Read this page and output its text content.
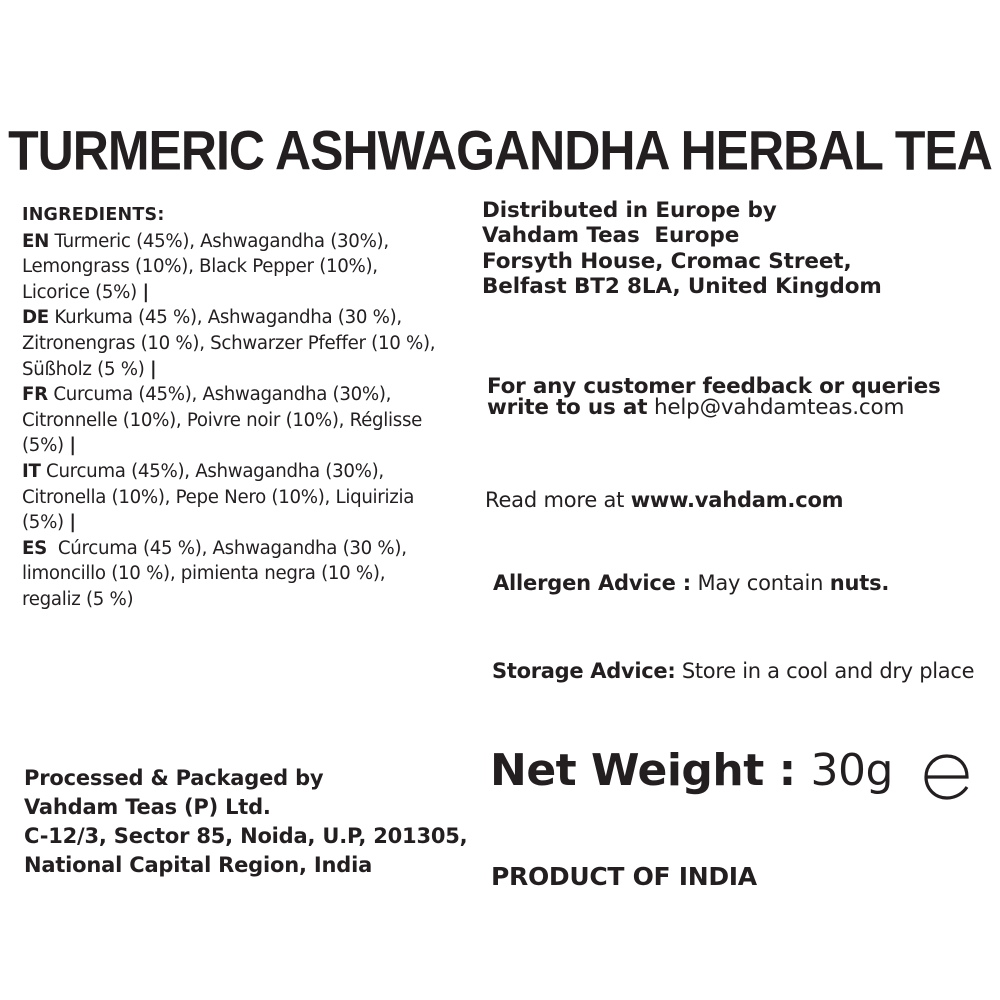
TURMERIC ASHWAGANDHA HERBAL TEA
INGREDIENTS:
EN Turmeric (45%), Ashwagandha (30%),
Lemongrass (10%), Black Pepper (10%),
Licorice (5%) |
DE Kurkuma (45 %), Ashwagandha (30 %),
Zitronengras (10 %), Schwarzer Pfeffer (10 %),
Süßholz (5 %) |
FR Curcuma (45%), Ashwagandha (30%),
Citronnelle (10%), Poivre noir (10%), Réglisse
(5%) |
IT Curcuma (45%), Ashwagandha (30%),
Citronella (10%), Pepe Nero (10%), Liquirizia
(5%) |
ES  Cúrcuma (45 %), Ashwagandha (30 %),
limoncillo (10 %), pimienta negra (10 %),
regaliz (5 %)
Distributed in Europe by
Vahdam Teas  Europe
Forsyth House, Cromac Street,
Belfast BT2 8LA, United Kingdom
For any customer feedback or queries
write to us at help@vahdamteas.com
Read more at www.vahdam.com
Allergen Advice : May contain nuts.
Storage Advice: Store in a cool and dry place
Net Weight : 30g
PRODUCT OF INDIA
Processed & Packaged by
Vahdam Teas (P) Ltd.
C-12/3, Sector 85, Noida, U.P, 201305,
National Capital Region, India
